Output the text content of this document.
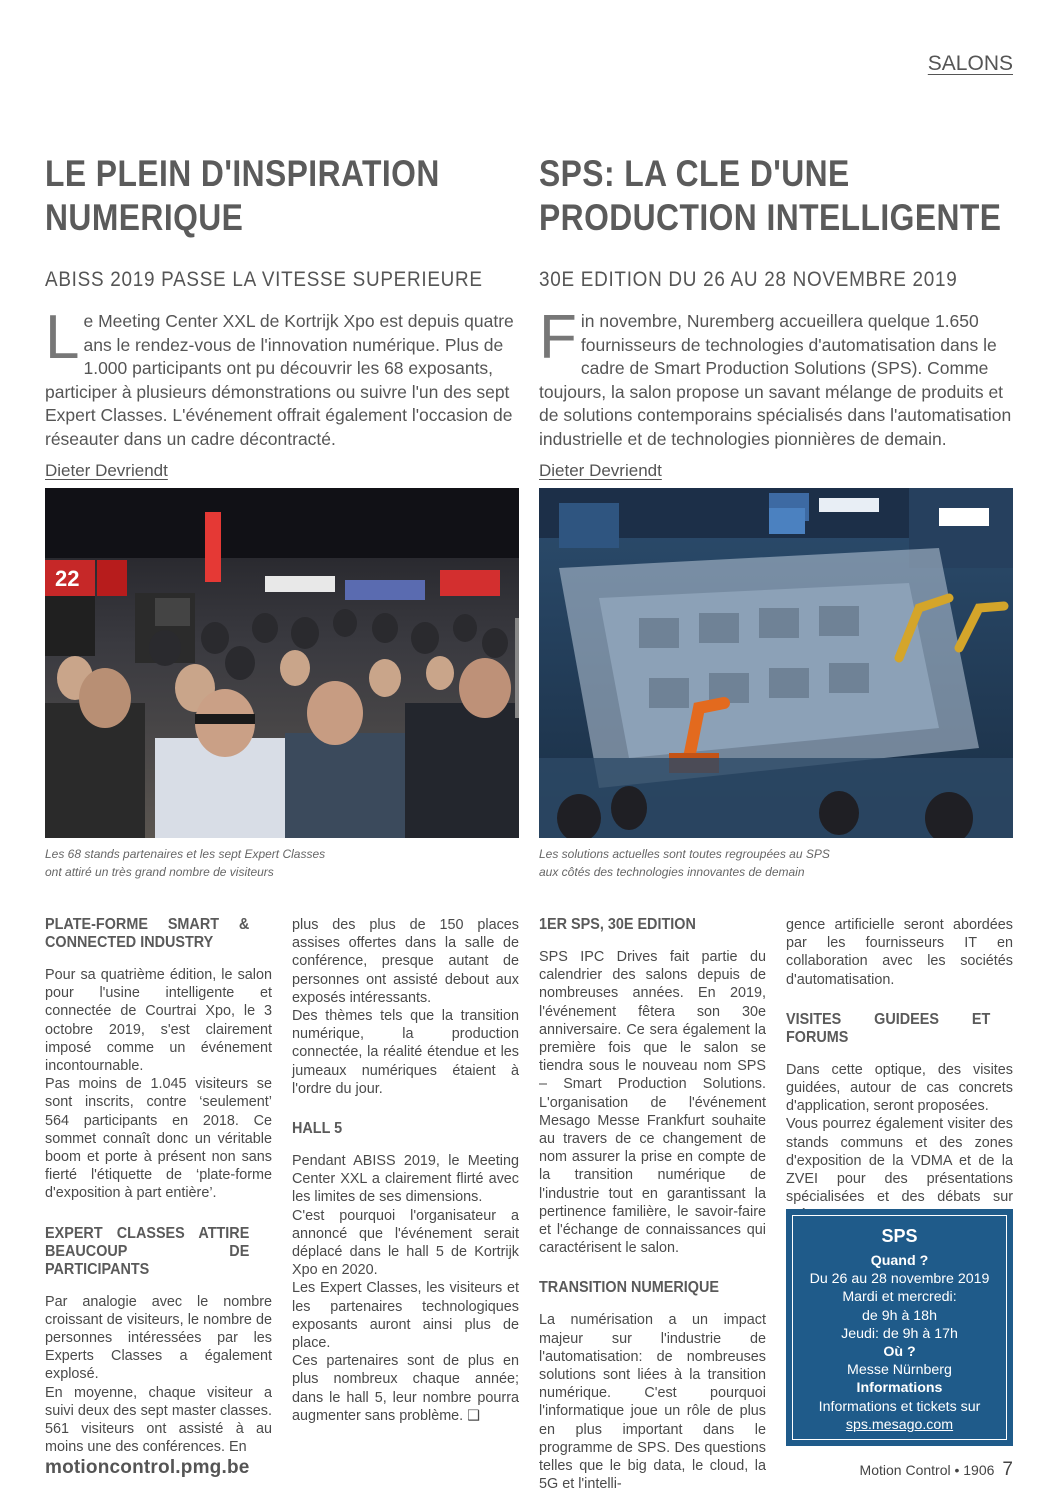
SALONS
LE PLEIN D'INSPIRATION NUMERIQUE
ABISS 2019 PASSE LA VITESSE SUPERIEURE
Le Meeting Center XXL de Kortrijk Xpo est depuis quatre ans le rendez-vous de l'innovation numérique. Plus de 1.000 participants ont pu découvrir les 68 exposants, participer à plusieurs démonstrations ou suivre l'un des sept Expert Classes. L'événement offrait également l'occasion de réseauter dans un cadre décontracté.
Dieter Devriendt
SPS: LA CLE D'UNE PRODUCTION INTELLIGENTE
30E EDITION DU 26 AU 28 NOVEMBRE 2019
Fin novembre, Nuremberg accueillera quelque 1.650 fournisseurs de technologies d'automatisation dans le cadre de Smart Production Solutions (SPS). Comme toujours, la salon propose un savant mélange de produits et de solutions contemporains spécialisés dans l'automatisation industrielle et de technologies pionnières de demain.
Dieter Devriendt
22
Les 68 stands partenaires et les sept Expert Classes
ont attiré un très grand nombre de visiteurs
Les solutions actuelles sont toutes regroupées au SPS
aux côtés des technologies innovantes de demain
PLATE-FORME SMART & CONNECTED INDUSTRY

Pour sa quatrième édition, le salon pour l'usine intelligente et connectée de Courtrai Xpo, le 3 octobre 2019, s'est clairement imposé comme un événement incontournable.

Pas moins de 1.045 visiteurs se sont inscrits, contre ‘seulement’ 564 participants en 2018. Ce sommet connaît donc un véritable boom et porte à présent non sans fierté l'étiquette de ‘plate-forme d'exposition à part entière’.

EXPERT CLASSES ATTIRE BEAUCOUP DE PARTICIPANTS

Par analogie avec le nombre croissant de visiteurs, le nombre de personnes intéressées par les Experts Classes a également explosé.

En moyenne, chaque visiteur a suivi deux des sept master classes. 561 visiteurs ont assisté à au moins une des conférences. En

plus des plus de 150 places assises offertes dans la salle de conférence, presque autant de personnes ont assisté debout aux exposés intéressants.

Des thèmes tels que la transition numérique, la production connectée, la réalité étendue et les jumeaux numériques étaient à l'ordre du jour.

HALL 5

Pendant ABISS 2019, le Meeting Center XXL a clairement flirté avec les limites de ses dimensions.

C'est pourquoi l'organisateur a annoncé que l'événement serait déplacé dans le hall 5 de Kortrijk Xpo en 2020.

Les Expert Classes, les visiteurs et les partenaires technologiques exposants auront ainsi plus de place.

Ces partenaires sont de plus en plus nombreux chaque année; dans le hall 5, leur nombre pourra augmenter sans problème. ❑

1ER SPS, 30E EDITION

SPS IPC Drives fait partie du calendrier des salons depuis de nombreuses années. En 2019, l'événement fêtera son 30e anniversaire. Ce sera également la première fois que le salon se tiendra sous le nouveau nom SPS – Smart Production Solutions. L'organisation de l'événement Mesago Messe Frankfurt souhaite au travers de ce changement de nom assurer la prise en compte de la transition numérique de l'industrie tout en garantissant la pertinence familière, le savoir-faire et l'échange de connaissances qui caractérisent le salon.

TRANSITION NUMERIQUE

La numérisation a un impact majeur sur l'industrie de l'automatisation: de nombreuses solutions sont liées à la transition numérique. C'est pourquoi l'informatique joue un rôle de plus en plus important dans le programme de SPS. Des questions telles que le big data, le cloud, la 5G et l'intelli-

gence artificielle seront abordées par les fournisseurs IT en collaboration avec les sociétés d'automatisation.

VISITES GUIDEES ET FORUMS

Dans cette optique, des visites guidées, autour de cas concrets d'application, seront proposées.

Vous pourrez également visiter des stands communs et des zones d'exposition de la VDMA et de la ZVEI pour des présentations spécialisées et des débats sur

SPS
Quand ?
Du 26 au 28 novembre 2019
Mardi et mercredi:
de 9h à 18h
Jeudi: de 9h à 17h
Où ?
Messe Nürnberg
Informations
Informations et tickets sur
sps.mesago.com
motioncontrol.pmg.be	Motion Control • 1906 7
